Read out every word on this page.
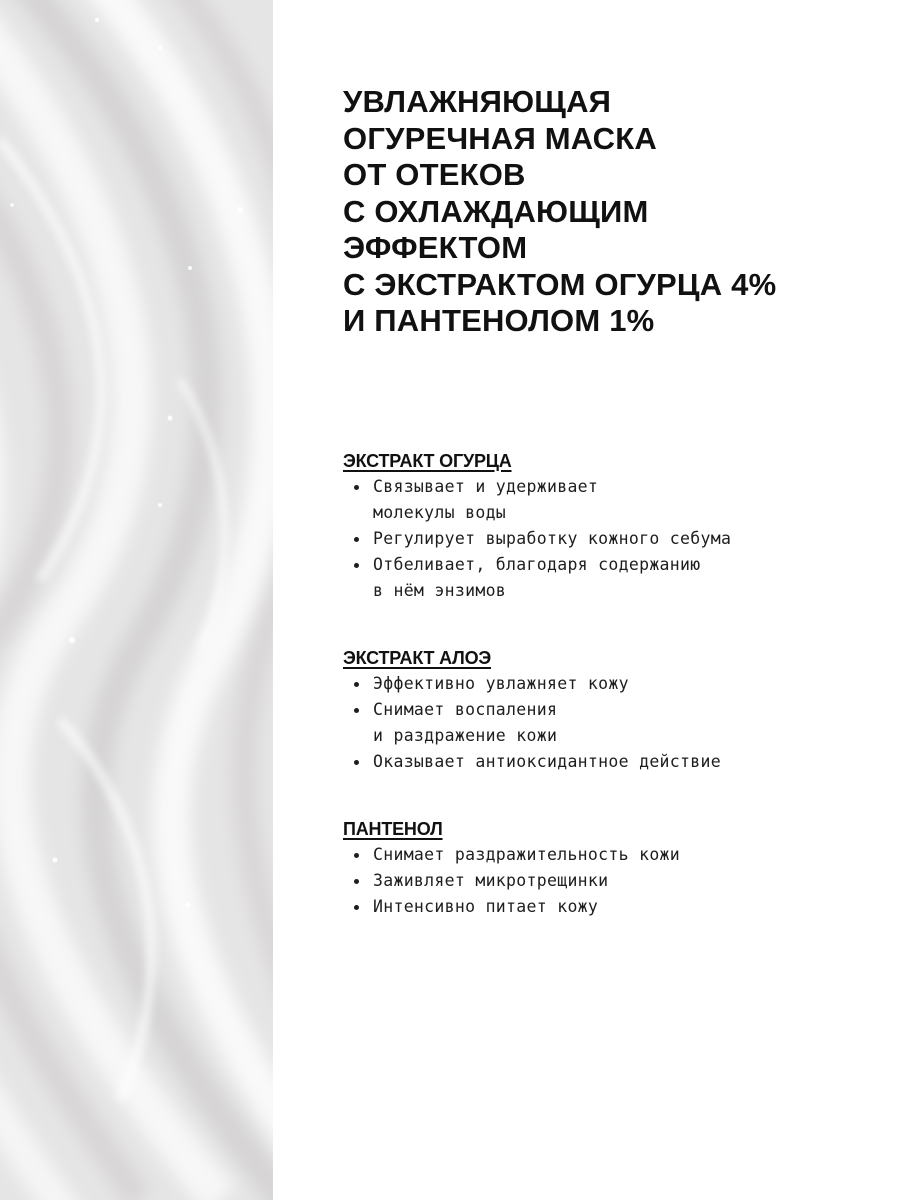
УВЛАЖНЯЮЩАЯ
ОГУРЕЧНАЯ МАСКА
ОТ ОТЕКОВ
С ОХЛАЖДАЮЩИМ
ЭФФЕКТОМ
С ЭКСТРАКТОМ ОГУРЦА 4%
И ПАНТЕНОЛОМ 1%
ЭКСТРАКТ ОГУРЦА
Связывает и удерживает
молекулы воды
Регулирует выработку кожного себума
Отбеливает, благодаря содержанию
в нём энзимов
ЭКСТРАКТ АЛОЭ
Эффективно увлажняет кожу
Снимает воспаления
и раздражение кожи
Оказывает антиоксидантное действие
ПАНТЕНОЛ
Снимает раздражительность кожи
Заживляет микротрещинки
Интенсивно питает кожу
